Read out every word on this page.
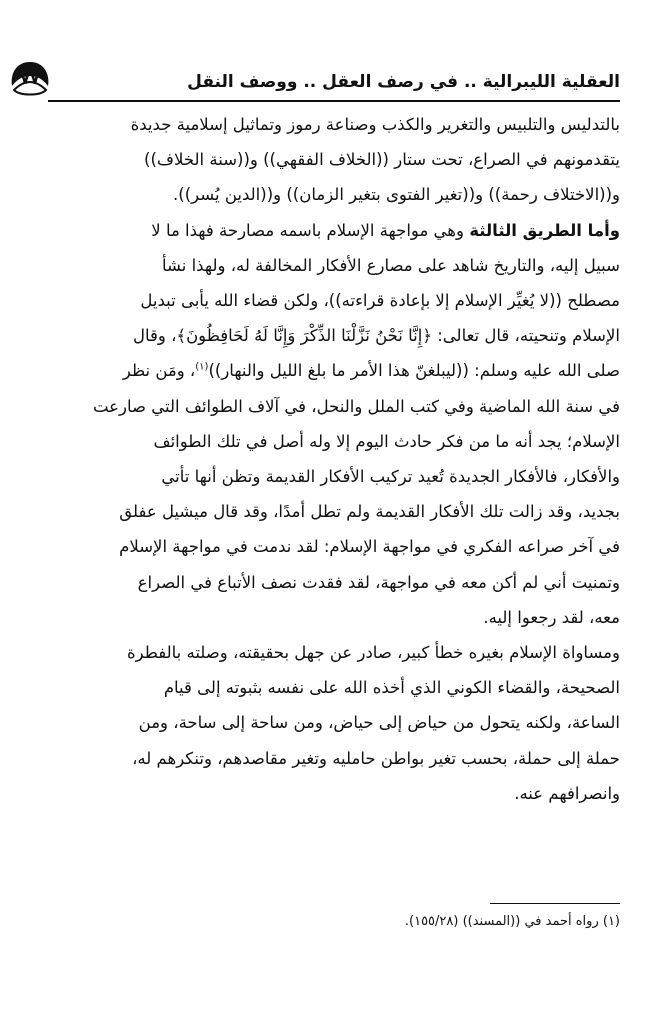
٧٧	العقلية الليبرالية .. في رصف العقل .. ووصف النقل
بالتدليس والتلبيس والتغرير والكذب وصناعة رموز وتماثيل إسلامية جديدة
يتقدمونهم في الصراع، تحت ستار ((الخلاف الفقهي)) و((سنة الخلاف))
و((الاختلاف رحمة)) و((تغير الفتوى بتغير الزمان)) و((الدين يُسر)).
وأما الطريق الثالثة وهي مواجهة الإسلام باسمه مصارحة فهذا ما لا
سبيل إليه، والتاريخ شاهد على مصارع الأفكار المخالفة له، ولهذا نشأ
مصطلح ((لا يُغيِّر الإسلام إلا بإعادة قراءته))، ولكن قضاء الله يأبى تبديل
الإسلام وتنحيته، قال تعالى: ﴿إِنَّا نَحْنُ نَزَّلْنَا الذِّكْرَ وَإِنَّا لَهُ لَحَافِظُونَ﴾، وقال
صلى الله عليه وسلم: ((ليبلغنّ هذا الأمر ما بلغ الليل والنهار))$^{(١)}$، ومَن نظر
في سنة الله الماضية وفي كتب الملل والنحل، في آلاف الطوائف التي صارعت
الإسلام؛ يجد أنه ما من فكر حادث اليوم إلا وله أصل في تلك الطوائف
والأفكار، فالأفكار الجديدة تُعيد تركيب الأفكار القديمة وتظن أنها تأتي
بجديد، وقد زالت تلك الأفكار القديمة ولم تطل أمدًا، وقد قال ميشيل عفلق
في آخر صراعه الفكري في مواجهة الإسلام: لقد ندمت في مواجهة الإسلام
وتمنيت أني لم أكن معه في مواجهة، لقد فقدت نصف الأتباع في الصراع
معه، لقد رجعوا إليه.
ومساواة الإسلام بغيره خطأ كبير، صادر عن جهل بحقيقته، وصلته بالفطرة
الصحيحة، والقضاء الكوني الذي أخذه الله على نفسه بثبوته إلى قيام
الساعة، ولكنه يتحول من حياض إلى حياض، ومن ساحة إلى ساحة، ومن
حملة إلى حملة، بحسب تغير بواطن حامليه وتغير مقاصدهم، وتنكرهم له،
وانصرافهم عنه.
(١) رواه أحمد في ((المسند)) (١٥٥/٢٨).
